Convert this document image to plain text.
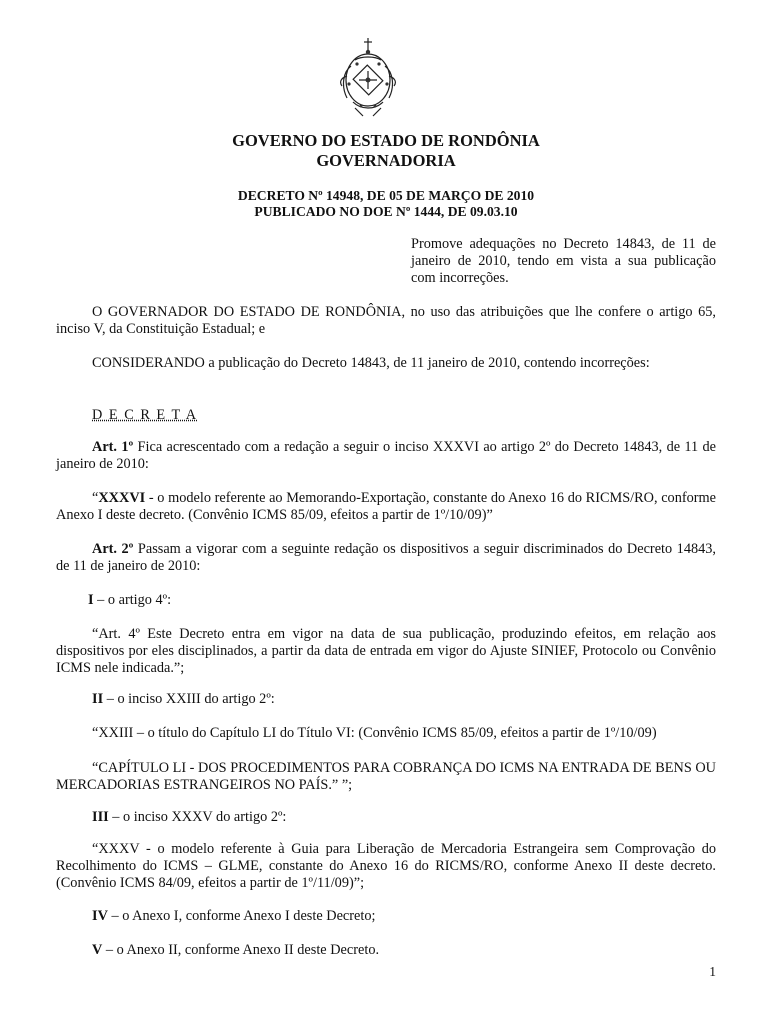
GOVERNO DO ESTADO DE RONDÔNIA
GOVERNADORIA
DECRETO Nº 14948, DE 05 DE MARÇO DE 2010
PUBLICADO NO DOE Nº 1444, DE 09.03.10
Promove adequações no Decreto 14843, de 11 de janeiro de 2010, tendo em vista a sua publicação com incorreções.
O GOVERNADOR DO ESTADO DE RONDÔNIA, no uso das atribuições que lhe confere o artigo 65, inciso V, da Constituição Estadual; e
CONSIDERANDO a publicação do Decreto 14843, de 11 janeiro de 2010, contendo incorreções:
D E C R E T A
Art. 1º Fica acrescentado com a redação a seguir o inciso XXXVI ao artigo 2º do Decreto 14843, de 11 de janeiro de 2010:
“XXXVI - o modelo referente ao Memorando-Exportação, constante do Anexo 16 do RICMS/RO, conforme Anexo I deste decreto. (Convênio ICMS 85/09, efeitos a partir de 1º/10/09)”
Art. 2º Passam a vigorar com a seguinte redação os dispositivos a seguir discriminados do Decreto 14843, de 11 de janeiro de 2010:
I – o artigo 4º:
“Art. 4º Este Decreto entra em vigor na data de sua publicação, produzindo efeitos, em relação aos dispositivos por eles disciplinados, a partir da data de entrada em vigor do Ajuste SINIEF, Protocolo ou Convênio ICMS nele indicada.”;
II – o inciso XXIII do artigo 2º:
“XXIII – o título do Capítulo LI do Título VI: (Convênio ICMS 85/09, efeitos a partir de 1º/10/09)
“CAPÍTULO LI - DOS PROCEDIMENTOS PARA COBRANÇA DO ICMS NA ENTRADA DE BENS OU MERCADORIAS ESTRANGEIROS NO PAÍS.” ”;
III – o inciso XXXV do artigo 2º:
“XXXV - o modelo referente à Guia para Liberação de Mercadoria Estrangeira sem Comprovação do Recolhimento do ICMS – GLME, constante do Anexo 16 do RICMS/RO, conforme Anexo II deste decreto. (Convênio ICMS 84/09, efeitos a partir de 1º/11/09)”;
IV – o Anexo I, conforme Anexo I deste Decreto;
V – o Anexo II, conforme Anexo II deste Decreto.
1
